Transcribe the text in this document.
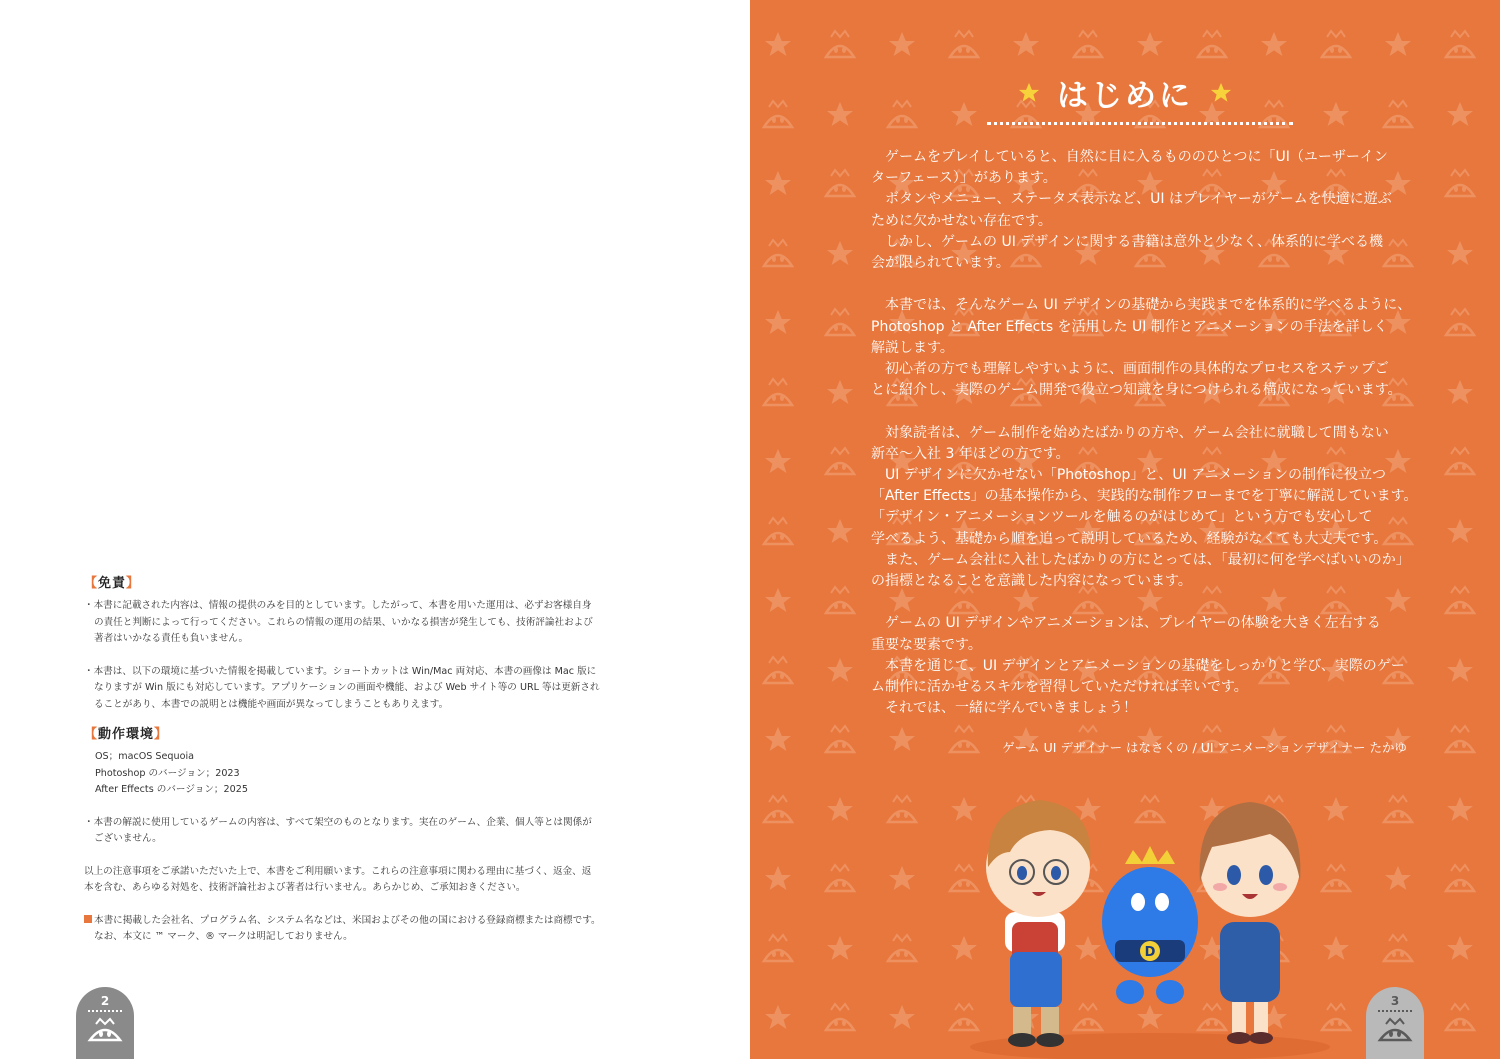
【免責】
・本書に記載された内容は、情報の提供のみを目的としています。したがって、本書を用いた運用は、必ずお客様自身
の責任と判断によって行ってください。これらの情報の運用の結果、いかなる損害が発生しても、技術評論社および
著者はいかなる責任も負いません。
・本書は、以下の環境に基づいた情報を掲載しています。ショートカットは Win/Mac 両対応、本書の画像は Mac 版に
なりますが Win 版にも対応しています。アプリケーションの画面や機能、および Web サイト等の URL 等は更新され
ることがあり、本書での説明とは機能や画面が異なってしまうこともありえます。
【動作環境】
OS；macOS Sequoia
Photoshop のバージョン；2023
After Effects のバージョン；2025
・本書の解説に使用しているゲームの内容は、すべて架空のものとなります。実在のゲーム、企業、個人等とは関係が
ございません。
以上の注意事項をご承諾いただいた上で、本書をご利用願います。これらの注意事項に関わる理由に基づく、返金、返
本を含む、あらゆる対処を、技術評論社および著者は行いません。あらかじめ、ご承知おきください。
本書に掲載した会社名、プログラム名、システム名などは、米国およびその他の国における登録商標または商標です。
なお、本文に ™ マーク、® マークは明記しておりません。
2
はじめに
　ゲームをプレイしていると、自然に目に入るもののひとつに「UI（ユーザーイン
ターフェース）」があります。
　ボタンやメニュー、ステータス表示など、UI はプレイヤーがゲームを快適に遊ぶ
ために欠かせない存在です。
　しかし、ゲームの UI デザインに関する書籍は意外と少なく、体系的に学べる機
会が限られています。
　本書では、そんなゲーム UI デザインの基礎から実践までを体系的に学べるように、
Photoshop と After Effects を活用した UI 制作とアニメーションの手法を詳しく
解説します。
　初心者の方でも理解しやすいように、画面制作の具体的なプロセスをステップご
とに紹介し、実際のゲーム開発で役立つ知識を身につけられる構成になっています。
　対象読者は、ゲーム制作を始めたばかりの方や、ゲーム会社に就職して間もない
新卒〜入社 3 年ほどの方です。
　UI デザインに欠かせない「Photoshop」と、UI アニメーションの制作に役立つ
「After Effects」の基本操作から、実践的な制作フローまでを丁寧に解説しています。
「デザイン・アニメーションツールを触るのがはじめて」という方でも安心して
学べるよう、基礎から順を追って説明しているため、経験がなくても大丈夫です。
　また、ゲーム会社に入社したばかりの方にとっては、「最初に何を学べばいいのか」
の指標となることを意識した内容になっています。
　ゲームの UI デザインやアニメーションは、プレイヤーの体験を大きく左右する
重要な要素です。
　本書を通じて、UI デザインとアニメーションの基礎をしっかりと学び、実際のゲー
ム制作に活かせるスキルを習得していただければ幸いです。
　それでは、一緒に学んでいきましょう！
ゲーム UI デザイナー はなさくの / UI アニメーションデザイナー たかゆ
D
3
